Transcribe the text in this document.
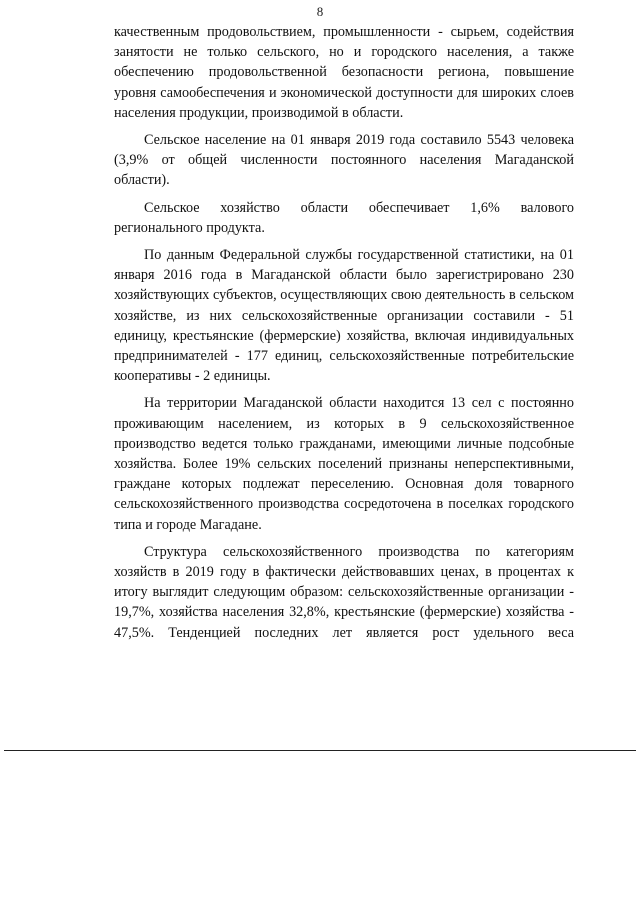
8

качественным продовольствием, промышленности - сырьем, содействия занятости не только сельского, но и городского населения, а также обеспечению продовольственной безопасности региона, повышение уровня самообеспечения и экономической доступности для широких слоев населения продукции, производимой в области.

Сельское население на 01 января 2019 года составило 5543 человека (3,9% от общей численности постоянного населения Магаданской области).

Сельское хозяйство области обеспечивает 1,6% валового регионального продукта.

По данным Федеральной службы государственной статистики, на 01 января 2016 года в Магаданской области было зарегистрировано 230 хозяйствующих субъектов, осуществляющих свою деятельность в сельском хозяйстве, из них сельскохозяйственные организации составили - 51 единицу, крестьянские (фермерские) хозяйства, включая индивидуальных предпринимателей - 177 единиц, сельскохозяйственные потребительские кооперативы - 2 единицы.

На территории Магаданской области находится 13 сел с постоянно проживающим населением, из которых в 9 сельскохозяйственное производство ведется только гражданами, имеющими личные подсобные хозяйства. Более 19% сельских поселений признаны неперспективными, граждане которых подлежат переселению. Основная доля товарного сельскохозяйственного производства сосредоточена в поселках городского типа и городе Магадане.

Структура сельскохозяйственного производства по категориям хозяйств в 2019 году в фактически действовавших ценах, в процентах к итогу выглядит следующим образом: сельскохозяйственные организации - 19,7%, хозяйства населения 32,8%, крестьянские (фермерские) хозяйства - 47,5%. Тенденцией последних лет является рост удельного веса
